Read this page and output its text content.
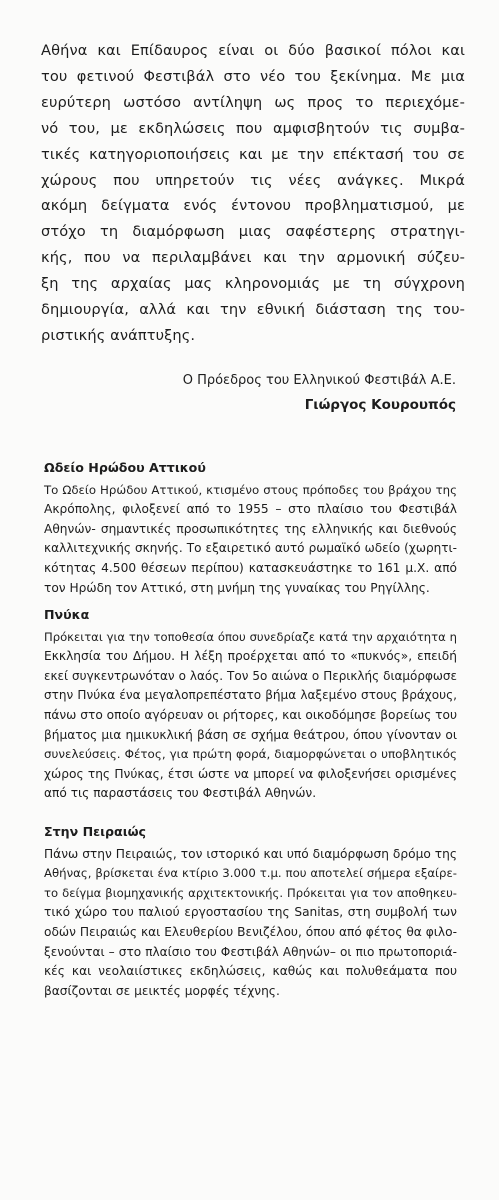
Αθήνα και Επίδαυρος είναι οι δύο βασικοί πόλοι και
του φετινού Φεστιβάλ στο νέο του ξεκίνημα. Με μια
ευρύτερη ωστόσο αντίληψη ως προς το περιεχόμε-
νό του, με εκδηλώσεις που αμφισβητούν τις συμβα-
τικές κατηγοριοποιήσεις και με την επέκτασή του σε
χώρους που υπηρετούν τις νέες ανάγκες. Μικρά
ακόμη δείγματα ενός έντονου προβληματισμού, με
στόχο τη διαμόρφωση μιας σαφέστερης στρατηγι-
κής, που να περιλαμβάνει και την αρμονική σύζευ-
ξη της αρχαίας μας κληρονομιάς με τη σύγχρονη
δημιουργία, αλλά και την εθνική διάσταση της του-
ριστικής ανάπτυξης.
Ο Πρόεδρος του Ελληνικού Φεστιβάλ Α.Ε.
Γιώργος Κουρουπός
Ωδείο Ηρώδου Αττικού
Το Ωδείο Ηρώδου Αττικού, κτισμένο στους πρόποδες του βράχου της
Ακρόπολης, φιλοξενεί από το 1955 – στο πλαίσιο του Φεστιβάλ
Αθηνών- σημαντικές προσωπικότητες της ελληνικής και διεθνούς
καλλιτεχνικής σκηνής. Το εξαιρετικό αυτό ρωμαϊκό ωδείο (χωρητι-
κότητας 4.500 θέσεων περίπου) κατασκευάστηκε το 161 μ.Χ. από
τον Ηρώδη τον Αττικό, στη μνήμη της γυναίκας του Ρηγίλλης.
Πνύκα
Πρόκειται για την τοποθεσία όπου συνεδρίαζε κατά την αρχαιότητα η
Εκκλησία του Δήμου. Η λέξη προέρχεται από το «πυκνός», επειδή
εκεί συγκεντρωνόταν ο λαός. Τον 5ο αιώνα ο Περικλής διαμόρφωσε
στην Πνύκα ένα μεγαλοπρεπέστατο βήμα λαξεμένο στους βράχους,
πάνω στο οποίο αγόρευαν οι ρήτορες, και οικοδόμησε βορείως του
βήματος μια ημικυκλική βάση σε σχήμα θεάτρου, όπου γίνονταν οι
συνελεύσεις. Φέτος, για πρώτη φορά, διαμορφώνεται ο υποβλητικός
χώρος της Πνύκας, έτσι ώστε να μπορεί να φιλοξενήσει ορισμένες
από τις παραστάσεις του Φεστιβάλ Αθηνών.
Στην Πειραιώς
Πάνω στην Πειραιώς, τον ιστορικό και υπό διαμόρφωση δρόμο της
Αθήνας, βρίσκεται ένα κτίριο 3.000 τ.μ. που αποτελεί σήμερα εξαίρε-
το δείγμα βιομηχανικής αρχιτεκτονικής. Πρόκειται για τον αποθηκευ-
τικό χώρο του παλιού εργοστασίου της Sanitas, στη συμβολή των
οδών Πειραιώς και Ελευθερίου Βενιζέλου, όπου από φέτος θα φιλο-
ξενούνται – στο πλαίσιο του Φεστιβάλ Αθηνών– οι πιο πρωτοποριά-
κές και νεολαιίστικες εκδηλώσεις, καθώς και πολυθεάματα που
βασίζονται σε μεικτές μορφές τέχνης.
